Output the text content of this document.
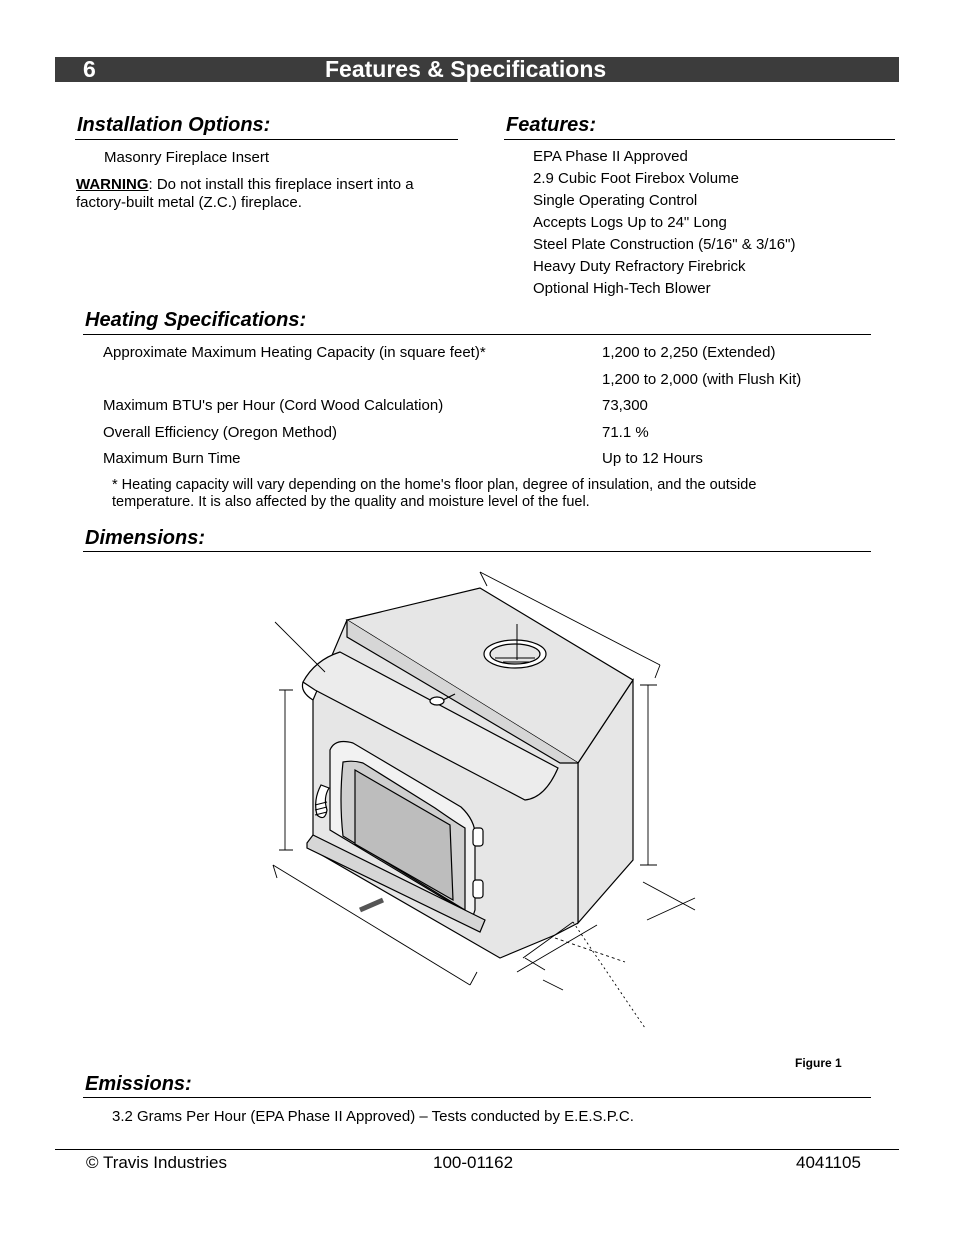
6	Features & Specifications
Installation Options:
Masonry Fireplace Insert
WARNING: Do not install this fireplace insert into a factory-built metal (Z.C.) fireplace.
Features:
EPA Phase II Approved
2.9 Cubic Foot Firebox Volume
Single Operating Control
Accepts Logs Up to 24" Long
Steel Plate Construction (5/16" & 3/16")
Heavy Duty Refractory Firebrick
Optional High-Tech Blower
Heating Specifications:
Approximate Maximum Heating Capacity (in square feet)*	1,200 to 2,250 (Extended)
1,200 to 2,000 (with Flush Kit)
Maximum BTU's per Hour (Cord Wood Calculation)	73,300
Overall Efficiency (Oregon Method)	71.1 %
Maximum Burn Time	Up to 12 Hours
* Heating capacity will vary depending on the home's floor plan, degree of insulation, and the outside
temperature. It is also affected by the quality and moisture level of the fuel.
Dimensions:
Figure 1
Emissions:
3.2 Grams Per Hour (EPA Phase II Approved) – Tests conducted by E.E.S.P.C.
© Travis Industries	100-01162	4041105
